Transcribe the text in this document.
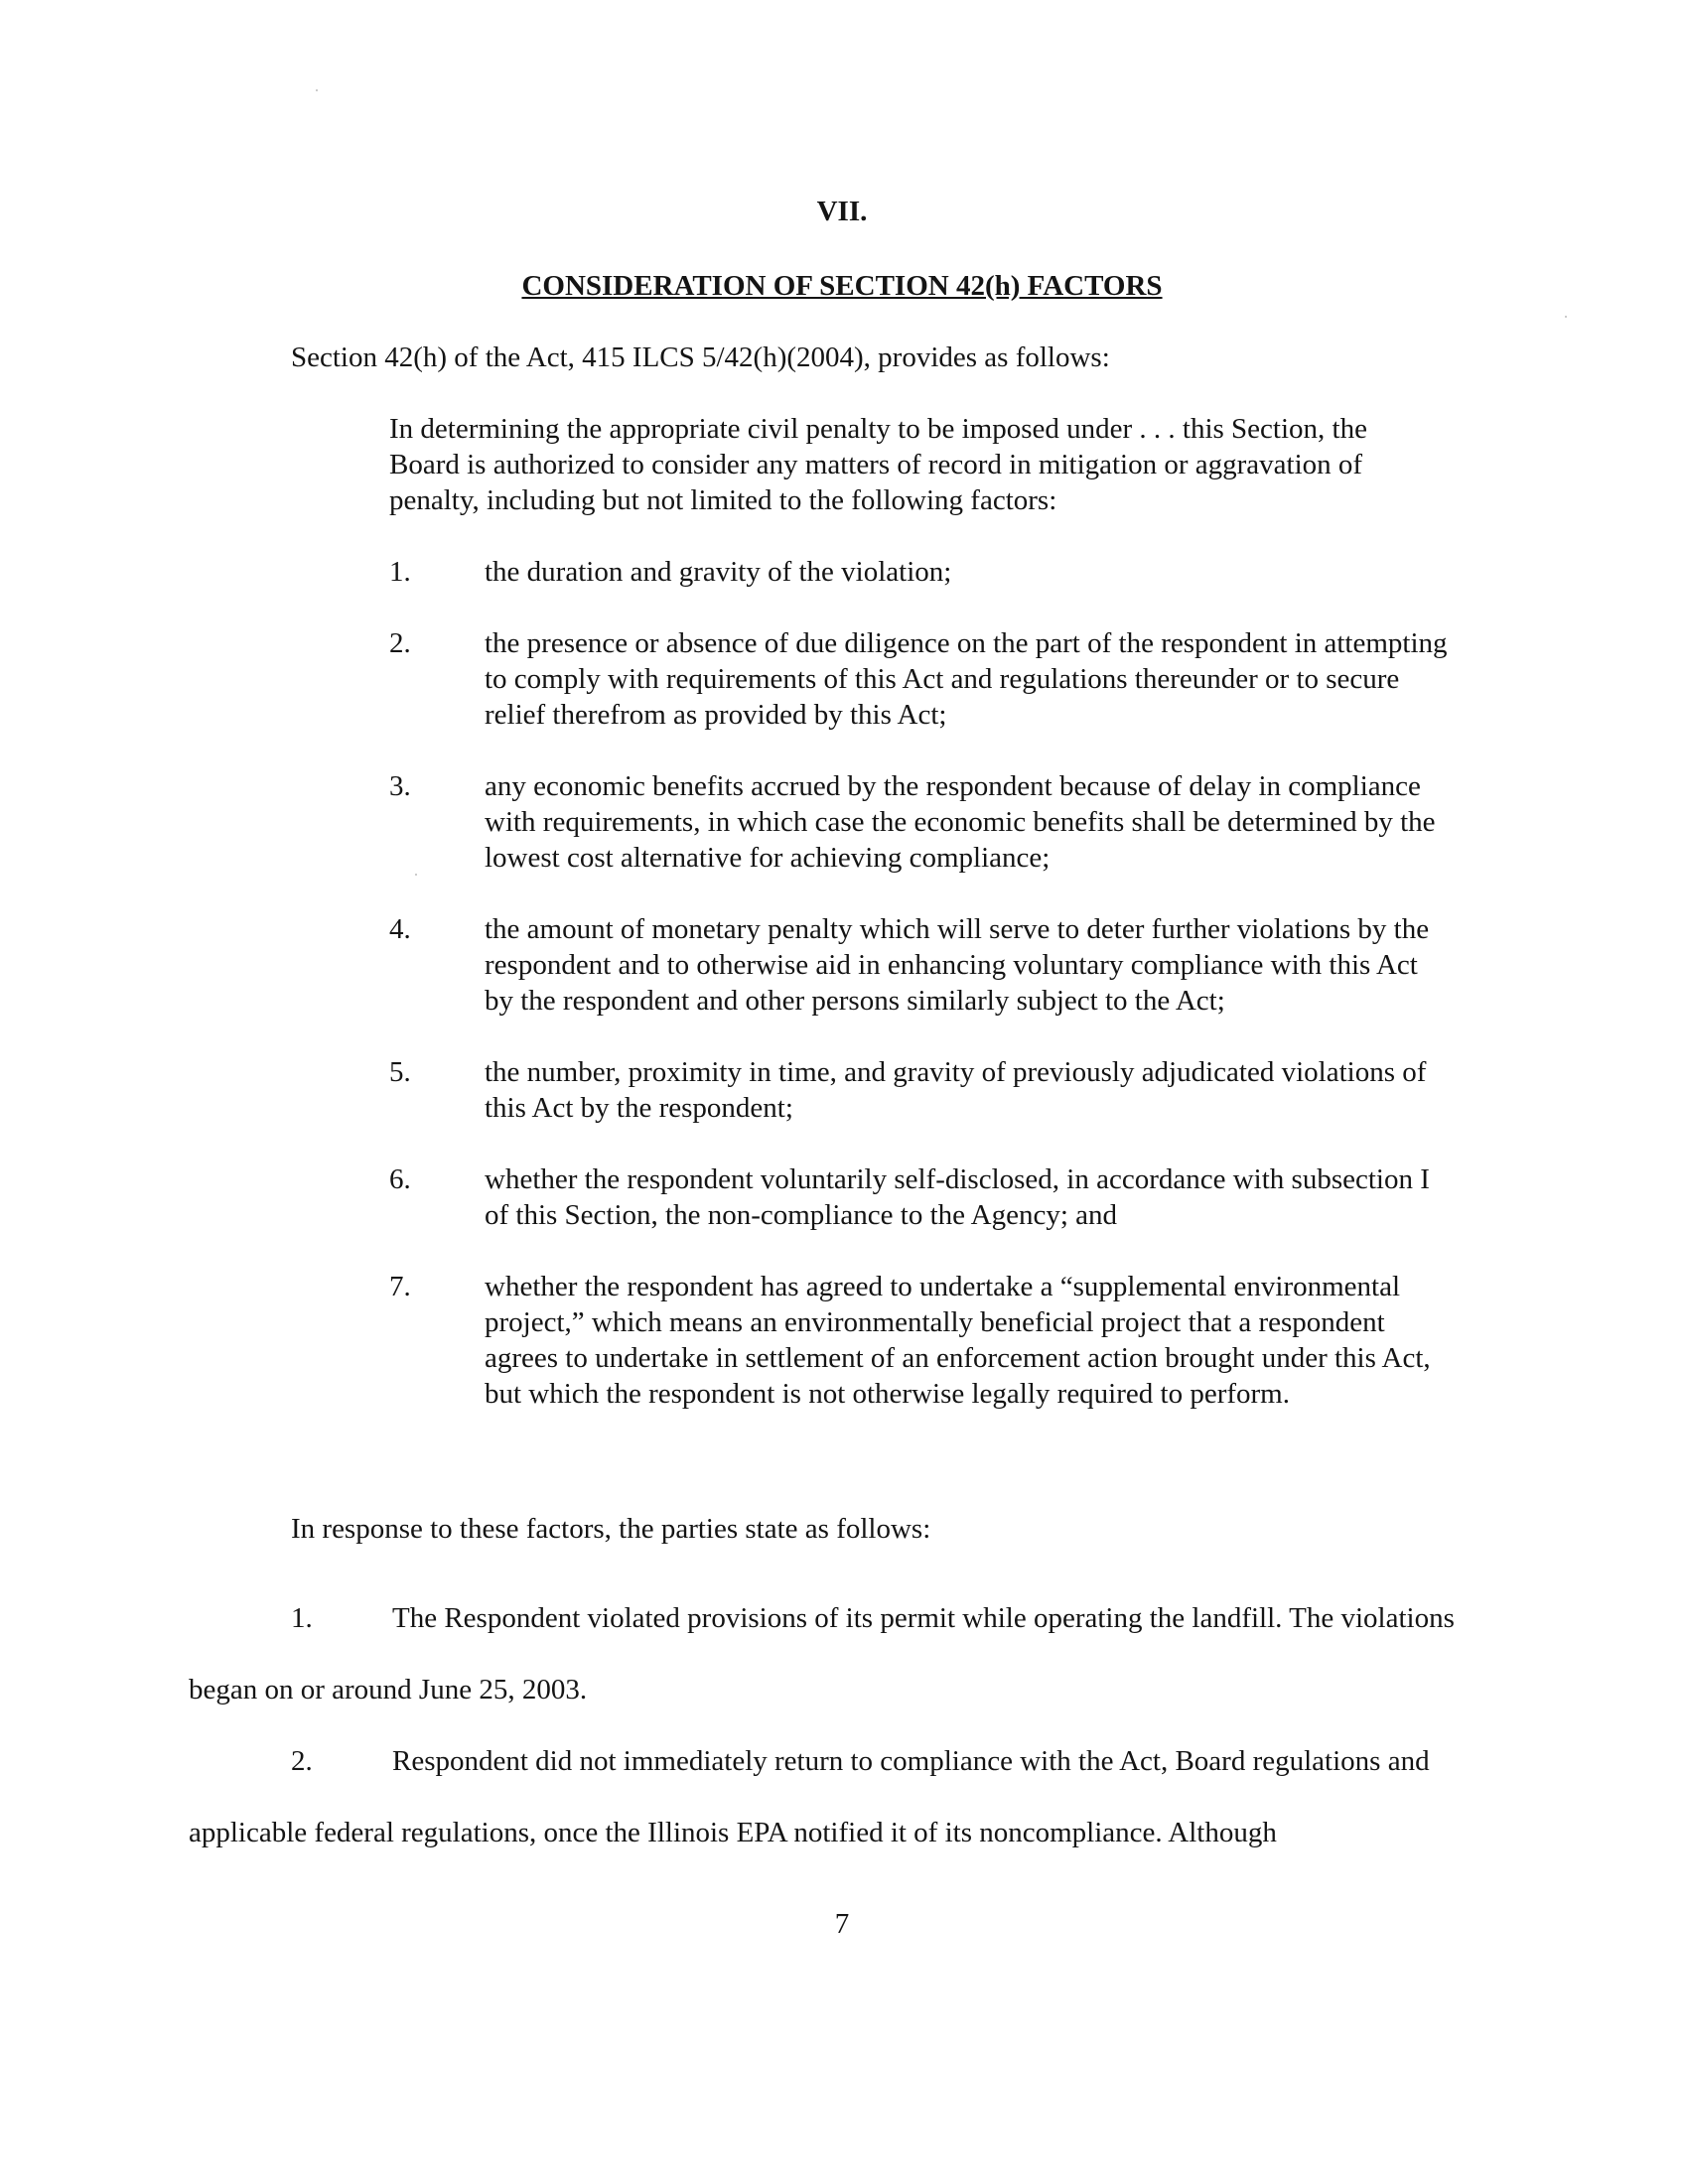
VII.
CONSIDERATION OF SECTION 42(h) FACTORS
Section 42(h) of the Act, 415 ILCS 5/42(h)(2004), provides as follows:
In determining the appropriate civil penalty to be imposed under . . . this Section, the Board is authorized to consider any matters of record in mitigation or aggravation of penalty, including but not limited to the following factors:
1.	the duration and gravity of the violation;
2.	the presence or absence of due diligence on the part of the respondent in attempting to comply with requirements of this Act and regulations thereunder or to secure relief therefrom as provided by this Act;
3.	any economic benefits accrued by the respondent because of delay in compliance with requirements, in which case the economic benefits shall be determined by the lowest cost alternative for achieving compliance;
4.	the amount of monetary penalty which will serve to deter further violations by the respondent and to otherwise aid in enhancing voluntary compliance with this Act by the respondent and other persons similarly subject to the Act;
5.	the number, proximity in time, and gravity of previously adjudicated violations of this Act by the respondent;
6.	whether the respondent voluntarily self-disclosed, in accordance with subsection I of this Section, the non-compliance to the Agency; and
7.	whether the respondent has agreed to undertake a “supplemental environmental project,” which means an environmentally beneficial project that a respondent agrees to undertake in settlement of an enforcement action brought under this Act, but which the respondent is not otherwise legally required to perform.
In response to these factors, the parties state as follows:
1.	The Respondent violated provisions of its permit while operating the landfill. The violations began on or around June 25, 2003.
2.	Respondent did not immediately return to compliance with the Act, Board regulations and applicable federal regulations, once the Illinois EPA notified it of its noncompliance. Although
7
